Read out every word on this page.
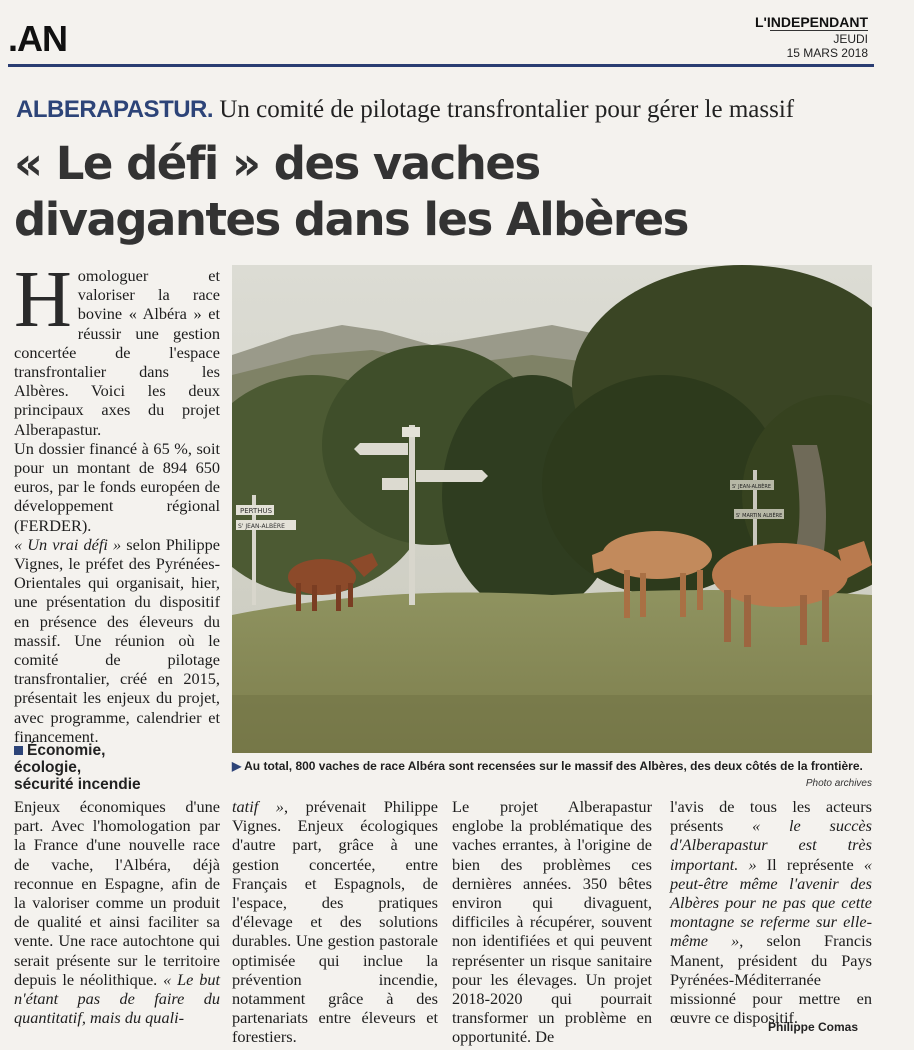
.AN	L'INDEPENDANT
JEUDI
15 MARS 2018
ALBERAPASTUR. Un comité de pilotage transfrontalier pour gérer le massif
« Le défi » des vaches
divagantes dans les Albères
H omologuer et valoriser la race bovine « Albéra » et réussir une gestion concertée de l'espace transfrontalier dans les Albères. Voici les deux principaux axes du projet Alberapastur.

Un dossier financé à 65 %, soit pour un montant de 894 650 euros, par le fonds européen de développement régional (FERDER).

« Un vrai défi » selon Philippe Vignes, le préfet des Pyrénées-Orientales qui organisait, hier, une présentation du dispositif en présence des éleveurs du massif. Une réunion où le comité de pilotage transfrontalier, créé en 2015, présentait les enjeux du projet, avec programme, calendrier et financement.

Économie,
écologie,
sécurité incendie
PERTHUS
S' JEAN-ALBÈRE
S' JEAN-ALBÈRE
S' MARTIN ALBÈRE
▶ Au total, 800 vaches de race Albéra sont recensées sur le massif des Albères, des deux côtés de la frontière.
Photo archives

Enjeux économiques d'une part. Avec l'homologation par la France d'une nouvelle race de vache, l'Albéra, déjà reconnue en Espagne, afin de la valoriser comme un produit de qualité et ainsi faciliter sa vente. Une race autochtone qui serait présente sur le territoire depuis le néolithique. « Le but n'étant pas de faire du quantitatif, mais du quali-

tatif », prévenait Philippe Vignes. Enjeux écologiques d'autre part, grâce à une gestion concertée, entre Français et Espagnols, de l'espace, des pratiques d'élevage et des solutions durables. Une gestion pastorale optimisée qui inclue la prévention incendie, notamment grâce à des partenariats entre éleveurs et forestiers.

Le projet Alberapastur englobe la problématique des vaches errantes, à l'origine de bien des problèmes ces dernières années. 350 bêtes environ qui divaguent, difficiles à récupérer, souvent non identifiées et qui peuvent représenter un risque sanitaire pour les élevages. Un projet 2018-2020 qui pourrait transformer un problème en opportunité. De

l'avis de tous les acteurs présents « le succès d'Alberapastur est très important. » Il représente « peut-être même l'avenir des Albères pour ne pas que cette montagne se referme sur elle-même », selon Francis Manent, président du Pays Pyrénées-Méditerranée missionné pour mettre en œuvre ce dispositif.

Philippe Comas
